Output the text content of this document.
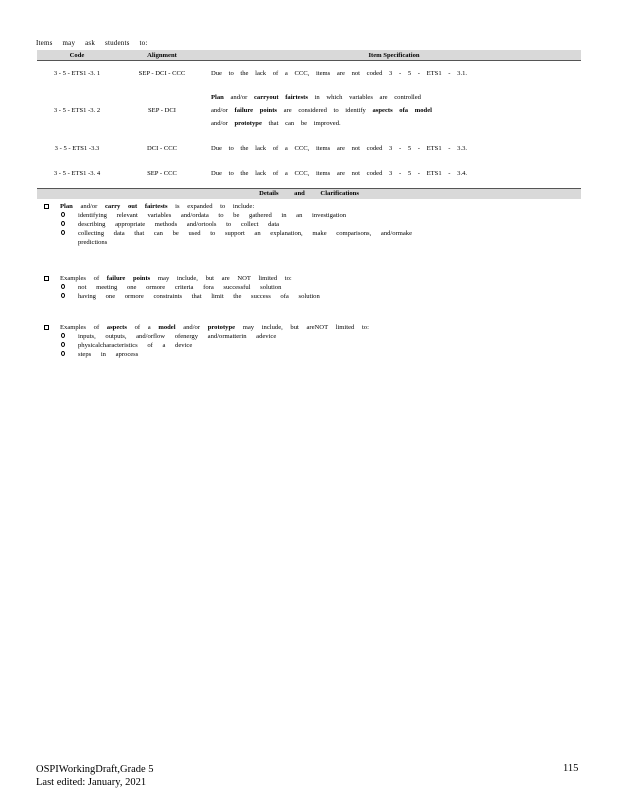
Items may ask students to:
Code	Alignment	Item Specification
3 - 5 - ETS1 -3. 1	SEP - DCI - CCC	Due to the lack of a CCC, items are not coded 3 - 5 - ETS1 - 3.1.
3 - 5 - ETS1 -3. 2	SEP - DCI	Plan and/or carryout fairtests in which variables are controlled
and/or failure points are considered to identify aspects ofa model
and/or prototype that can be improved.

3 - 5 - ETS1 -3.3	DCI - CCC	Due to the lack of a CCC, items are not coded 3 - 5 - ETS1 - 3.3.
3 - 5 - ETS1 -3. 4	SEP - CCC	Due to the lack of a CCC, items are not coded 3 - 5 - ETS1 - 3.4.
Details and Clarifications
Plan and/or carry out fairtests is expanded to include:
identifying relevant variables and/ordata to be gathered in an investigation
describing appropriate methods and/ortools to collect data
collecting data that can be used to support an explanation, make comparisons, and/ormake
predictions
Examples of failure points may include, but are NOT limited to:
not meeting one ormore criteria fora successful solution
having one ormore constraints that limit the success ofa solution
Examples of aspects of a model and/or prototype may include, but areNOT limited to:
inputs, outputs, and/orflow ofenergy and/ormatterin adevice
physicalcharacteristics of a device
steps in aprocess
OSPIWorkingDraft,Grade 5
Last edited: January, 2021
115
